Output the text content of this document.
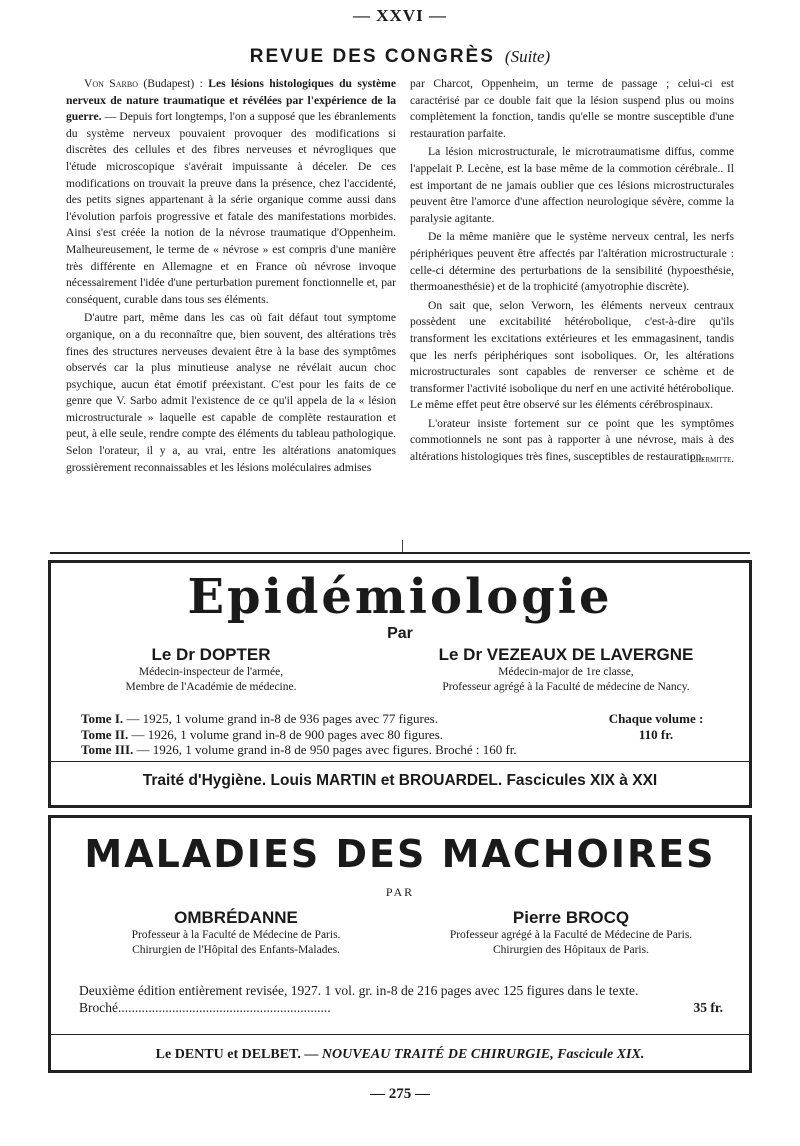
— XXVI —
REVUE DES CONGRÈS (Suite)

Von Sarbo (Budapest) : Les lésions histologiques du système nerveux de nature traumatique et révélées par l'expérience de la guerre. — Depuis fort longtemps, l'on a supposé que les ébranlements du système nerveux pouvaient provoquer des modifications si discrètes des cellules et des fibres nerveuses et névrogliques que l'étude microscopique s'avérait impuissante à déceler. De ces modifications on trouvait la preuve dans la présence, chez l'accidenté, des petits signes appartenant à la série organique comme aussi dans l'évolution parfois progressive et fatale des manifestations morbides. Ainsi s'est créée la notion de la névrose traumatique d'Oppenheim. Malheureusement, le terme de « névrose » est compris d'une manière très différente en Allemagne et en France où névrose invoque nécessairement l'idée d'une perturbation purement fonctionnelle et, par conséquent, curable dans tous ses éléments.

D'autre part, même dans les cas où fait défaut tout symptome organique, on a du reconnaître que, bien souvent, des altérations très fines des structures nerveuses devaient être à la base des symptômes observés car la plus minutieuse analyse ne révélait aucun choc psychique, aucun état émotif préexistant. C'est pour les faits de ce genre que V. Sarbo admit l'existence de ce qu'il appela de la « lésion microstructurale » laquelle est capable de complète restauration et peut, à elle seule, rendre compte des éléments du tableau pathologique. Selon l'orateur, il y a, au vrai, entre les altérations anatomiques grossièrement reconnaissables et les lésions moléculaires admises

par Charcot, Oppenheim, un terme de passage ; celui-ci est caractérisé par ce double fait que la lésion suspend plus ou moins complètement la fonction, tandis qu'elle se montre susceptible d'une restauration parfaite.

La lésion microstructurale, le microtraumatisme diffus, comme l'appelait P. Lecène, est la base même de la commotion cérébrale.. Il est important de ne jamais oublier que ces lésions microstructurales peuvent être l'amorce d'une affection neurologique sévère, comme la paralysie agitante.

De la même manière que le système nerveux central, les nerfs périphériques peuvent être affectés par l'altération microstructurale : celle-ci détermine des perturbations de la sensibilité (hypoesthésie, thermoanesthésie) et de la trophicité (amyotrophie discrète).

On sait que, selon Verworn, les éléments nerveux centraux possèdent une excitabilité hétérobolique, c'est-à-dire qu'ils transforment les excitations extérieures et les emmagasinent, tandis que les nerfs périphériques sont isoboliques. Or, les altérations microstructurales sont capables de renverser ce schème et de transformer l'activité isobolique du nerf en une activité hétérobolique. Le même effet peut être observé sur les éléments cérébrospinaux.

L'orateur insiste fortement sur ce point que les symptômes commotionnels ne sont pas à rapporter à une névrose, mais à des altérations histologiques très fines, susceptibles de restauration.

Lhermitte.
Epidémiologie
Par
Le Dr DOPTER
Médecin-inspecteur de l'armée,
Membre de l'Académie de médecine.
Le Dr VEZEAUX DE LAVERGNE
Médecin-major de 1re classe,
Professeur agrégé à la Faculté de médecine de Nancy.
Tome I. — 1925, 1 volume grand in-8 de 936 pages avec 77 figures.
Tome II. — 1926, 1 volume grand in-8 de 900 pages avec 80 figures.
Tome III. — 1926, 1 volume grand in-8 de 950 pages avec figures. Broché : 160 fr.
Chaque volume :
110 fr.
Traité d'Hygiène. Louis MARTIN et BROUARDEL. Fascicules XIX à XXI
MALADIES DES MACHOIRES
PAR
OMBRÉDANNE
Professeur à la Faculté de Médecine de Paris.
Chirurgien de l'Hôpital des Enfants-Malades.
Pierre BROCQ
Professeur agrégé à la Faculté de Médecine de Paris.
Chirurgien des Hôpitaux de Paris.
Deuxième édition entièrement revisée, 1927. 1 vol. gr. in-8 de 216 pages avec 125 figures dans le texte. Broché...............................................................	35 fr.
Le DENTU et DELBET. — NOUVEAU TRAITÉ DE CHIRURGIE, Fascicule XIX.
— 275 —
